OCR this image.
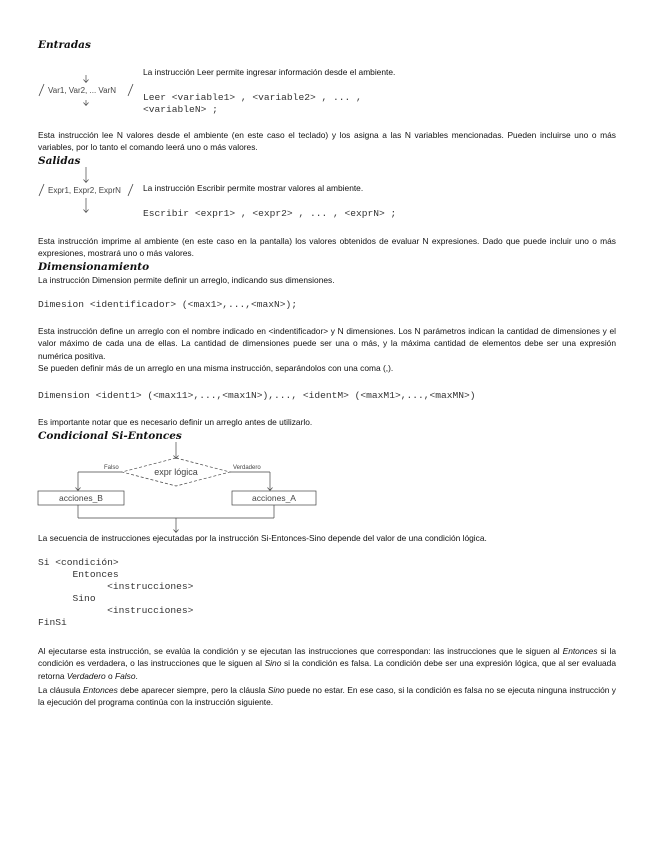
Entradas
Var1, Var2, ... VarN
La instrucción Leer permite ingresar información desde el ambiente.
Leer <variable1> , <variable2> , ... ,
<variableN> ;
Esta instrucción lee N valores desde el ambiente (en este caso el teclado) y los asigna a las N variables mencionadas. Pueden incluirse uno o más variables, por lo tanto el comando leerá uno o más valores.
Salidas
Expr1, Expr2, ExprN	La instrucción Escribir permite mostrar valores al ambiente.
Escribir <expr1> , <expr2> , ... , <exprN> ;
Esta instrucción imprime al ambiente (en este caso en la pantalla) los valores obtenidos de evaluar N expresiones. Dado que puede incluir uno o más expresiones, mostrará uno o más valores.
Dimensionamiento
La instrucción Dimension permite definir un arreglo, indicando sus dimensiones.
Dimesion <identificador> (<max1>,...,<maxN>);
Esta instrucción define un arreglo con el nombre indicado en <indentificador> y N dimensiones. Los N parámetros indican la cantidad de dimensiones y el valor máximo de cada una de ellas. La cantidad de dimensiones puede ser una o más, y la máxima cantidad de elementos debe ser una expresión numérica positiva.
Se pueden definir más de un arreglo en una misma instrucción, separándolos con una coma (,).
Dimension <ident1> (<max11>,...,<max1N>),..., <identM> (<maxM1>,...,<maxMN>)
Es importante notar que es necesario definir un arreglo antes de utilizarlo.
Condicional Si-Entonces
expr lógica
Falso	Verdadero
acciones_B	acciones_A
La secuencia de instrucciones ejecutadas por la instrucción Si-Entonces-Sino depende del valor de una condición lógica.
Si <condición>
Entonces
<instrucciones>
Sino
<instrucciones>
FinSi
Al ejecutarse esta instrucción, se evalúa la condición y se ejecutan las instrucciones que correspondan: las instrucciones que le siguen al Entonces si la condición es verdadera, o las instrucciones que le siguen al Sino si la condición es falsa. La condición debe ser una expresión lógica, que al ser evaluada retorna Verdadero o Falso.
La cláusula Entonces debe aparecer siempre, pero la cláusla Sino puede no estar. En ese caso, si la condición es falsa no se ejecuta ninguna instrucción y la ejecución del programa continúa con la instrucción siguiente.
